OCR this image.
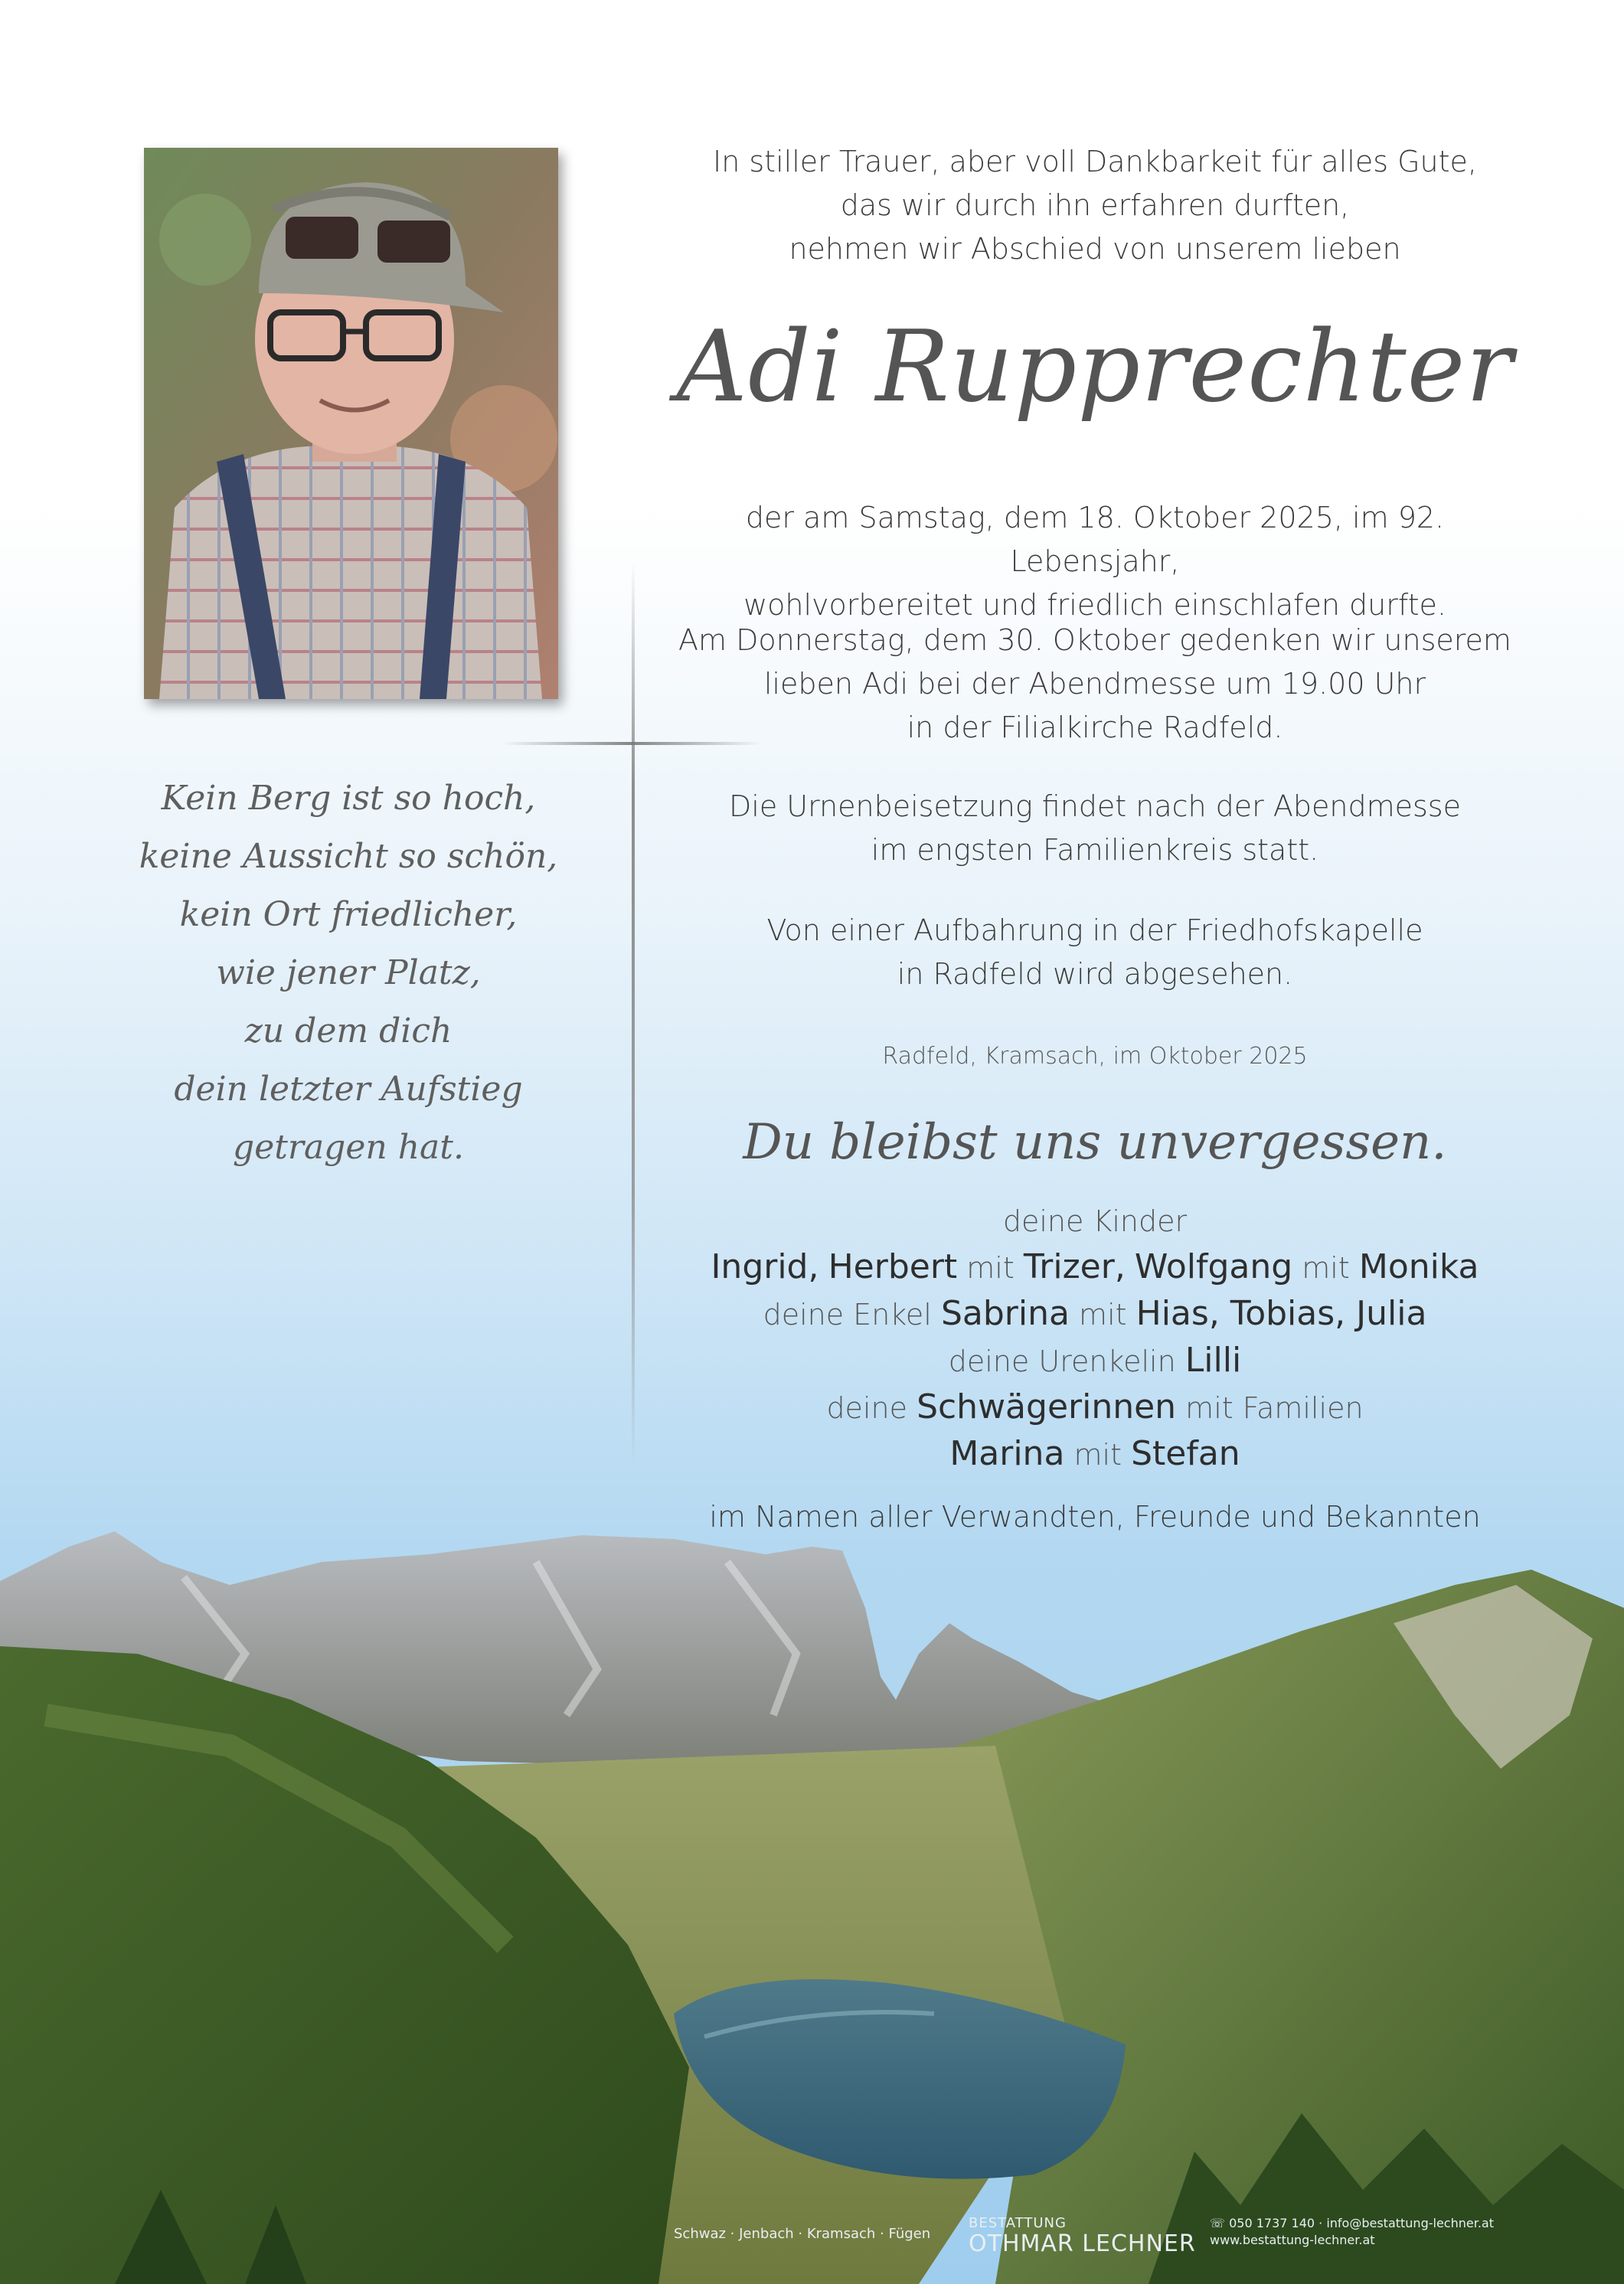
Kein Berg ist so hoch,
keine Aussicht so schön,
kein Ort friedlicher,
wie jener Platz,
zu dem dich
dein letzter Aufstieg
getragen hat.
In stiller Trauer, aber voll Dankbarkeit für alles Gute,
das wir durch ihn erfahren durften,
nehmen wir Abschied von unserem lieben
Adi Rupprechter
der am Samstag, dem 18. Oktober 2025, im 92. Lebensjahr,
wohlvorbereitet und friedlich einschlafen durfte.
Am Donnerstag, dem 30. Oktober gedenken wir unserem
lieben Adi bei der Abendmesse um 19.00 Uhr
in der Filialkirche Radfeld.
Die Urnenbeisetzung findet nach der Abendmesse
im engsten Familienkreis statt.
Von einer Aufbahrung in der Friedhofskapelle
in Radfeld wird abgesehen.
Radfeld, Kramsach, im Oktober 2025
Du bleibst uns unvergessen.
deine Kinder
Ingrid, Herbert mit Trizer, Wolfgang mit Monika
deine Enkel Sabrina mit Hias, Tobias, Julia
deine Urenkelin Lilli
deine Schwägerinnen mit Familien
Marina mit Stefan
im Namen aller Verwandten, Freunde und Bekannten
Schwaz · Jenbach · Kramsach · Fügen
BESTATTUNG
OTHMAR LECHNER
☏ 050 1737 140 · info@bestattung-lechner.at
www.bestattung-lechner.at
